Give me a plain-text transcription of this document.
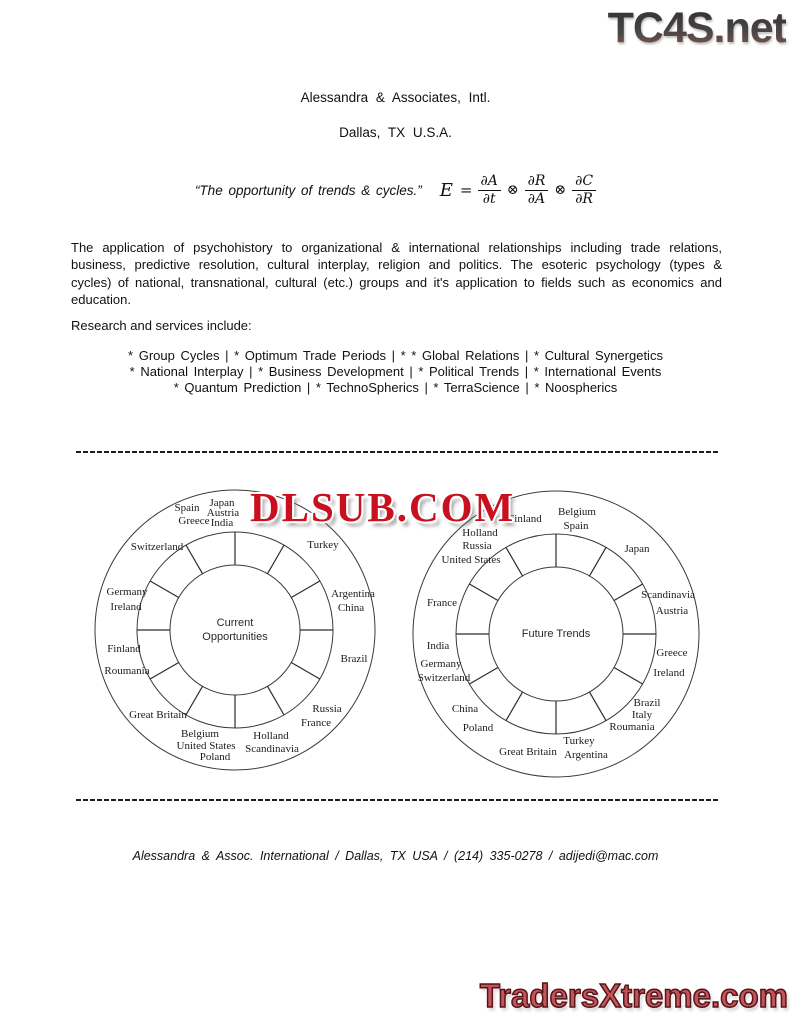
TC4S.net
Alessandra & Associates, Intl.
Dallas, TX U.S.A.
“The opportunity of trends & cycles.” $E = \frac{\partial A}{\partial t}$ ⊗ $\frac{\partial R}{\partial A}$ ⊗ $\frac{\partial C}{\partial R}$
The application of psychohistory to organizational & international relationships including trade relations, business, predictive resolution, cultural interplay, religion and politics. The esoteric psychology (types & cycles) of national, transnational, cultural (etc.) groups and it's application to fields such as economics and education.
Research and services include:
* Group Cycles | * Optimum Trade Periods | * * Global Relations | * Cultural Synergetics
* National Interplay | * Business Development | * Political Trends | * International Events
* Quantum Prediction | * TechnoSpherics | * TerraScience | * Noospherics
Current
Opportunities
Japan
Austria
India
Spain
Greece
Switzerland	Turkey
Germany
Ireland
Argentina
China
Finland
Roumania
Brazil
Great Britain	Russia
France
Belgium
United States
Poland
Holland
Scandinavia
Future Trends
Finland
Holland
Russia
United States
Belgium
Spain
Japan
France
Scandinavia
Austria
India
Germany
Switzerland
Greece
Ireland
China
Poland
Brazil
Italy
Roumania
Great Britain
Turkey
Argentina
DLSUB.COM
Alessandra & Assoc. International / Dallas, TX USA / (214) 335-0278 / adijedi@mac.com
TradersXtreme.com
